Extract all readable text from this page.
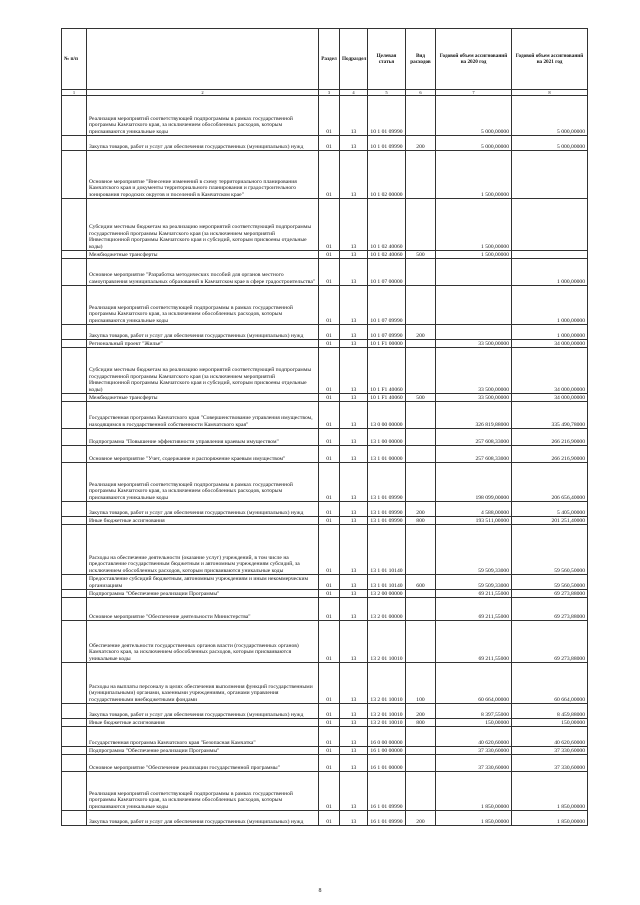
№ п/п		Раздел	Подраздел	Целевая статья	Вид расходов	Годовой объем ассигнований на 2020 год	Годовой объем ассигнований на 2021 год
1	2	3	4	5	6	7	8
	Реализация мероприятий соответствующей подпрограммы в рамках государственной программы Камчатского края, за исключением обособленных расходов, которым присваиваются уникальные коды	01	13	10 1 01 09990		5 000,00000	5 000,00000
	Закупка товаров, работ и услуг для обеспечения государственных (муниципальных) нужд	01	13	10 1 01 09990	200	5 000,00000	5 000,00000
	Основное мероприятие "Внесение изменений в схему территориального планирования Камчатского края и документы территориального планирования и градостроительного зонирования городских округов и поселений в Камчатском крае"	01	13	10 1 02 00000		1 500,00000	
	Субсидии местным бюджетам на реализацию мероприятий соответствующей подпрограммы государственной программы Камчатского края (за исключением мероприятий Инвестиционной программы Камчатского края и субсидий, которым присвоены отдельные коды)	01	13	10 1 02 40060		1 500,00000	
	Межбюджетные трансферты	01	13	10 1 02 40060	500	1 500,00000	
	Основное мероприятие "Разработка методических пособий для органов местного самоуправления муниципальных образований в Камчатском крае в сфере градостроительства"	01	13	10 1 07 00000			1 000,00000
	Реализация мероприятий соответствующей подпрограммы в рамках государственной программы Камчатского края, за исключением обособленных расходов, которым присваиваются уникальные коды	01	13	10 1 07 09990			1 000,00000
	Закупка товаров, работ и услуг для обеспечения государственных (муниципальных) нужд	01	13	10 1 07 09990	200		1 000,00000
	Региональный проект "Жилье"	01	13	10 1 F1 00000		33 500,00000	34 000,00000
	Субсидии местным бюджетам на реализацию мероприятий соответствующей подпрограммы государственной программы Камчатского края (за исключением мероприятий Инвестиционной программы Камчатского края и субсидий, которым присвоены отдельные коды)	01	13	10 1 F1 40060		33 500,00000	34 000,00000
	Межбюджетные трансферты	01	13	10 1 F1 40060	500	33 500,00000	34 000,00000
	Государственная программа Камчатского края "Совершенствование управления имуществом, находящимся в государственной собственности Камчатского края"	01	13	13 0 00 00000		326 819,88000	335 490,78000
	Подпрограмма "Повышение эффективности управления краевым имуществом"	01	13	13 1 00 00000		257 608,33000	266 216,90000
	Основное мероприятие "Учет, содержание и распоряжение краевым имуществом"	01	13	13 1 01 00000		257 608,33000	266 216,90000
	Реализация мероприятий соответствующей подпрограммы в рамках государственной программы Камчатского края, за исключением обособленных расходов, которым присваиваются уникальные коды	01	13	13 1 01 09990		198 099,00000	206 656,40000
	Закупка товаров, работ и услуг для обеспечения государственных (муниципальных) нужд	01	13	13 1 01 09990	200	4 588,00000	5 405,00000
	Иные бюджетные ассигнования	01	13	13 1 01 09990	800	193 511,00000	201 251,40000
	Расходы на обеспечение деятельности (оказание услуг) учреждений, в том числе на предоставление государственным бюджетным и автономным учреждениям субсидий, за исключением обособленных расходов, которым присваиваются уникальные коды	01	13	13 1 01 10140		59 509,33000	59 560,50000
	Предоставление субсидий бюджетным, автономным учреждениям и иным некоммерческим организациям	01	13	13 1 01 10140	600	59 509,33000	59 560,50000
	Подпрограмма "Обеспечение реализации Программы"	01	13	13 2 00 00000		69 211,55000	69 273,88000
	Основное мероприятие "Обеспечение деятельности Министерства"	01	13	13 2 01 00000		69 211,55000	69 273,88000
	Обеспечение деятельности государственных органов власти (государственных органов) Камчатского края, за исключением обособленных расходов, которым присваиваются уникальные коды	01	13	13 2 01 10010		69 211,55000	69 273,88000
	Расходы на выплаты персоналу в целях обеспечения выполнения функций государственными (муниципальными) органами, казенными учреждениями, органами управления государственными внебюджетными фондами	01	13	13 2 01 10010	100	60 664,00000	60 664,00000
	Закупка товаров, работ и услуг для обеспечения государственных (муниципальных) нужд	01	13	13 2 01 10010	200	8 397,55000	8 459,88000
	Иные бюджетные ассигнования	01	13	13 2 01 10010	800	150,00000	150,00000
	Государственная программа Камчатского края "Безопасная Камчатка"	01	13	16 0 00 00000		40 620,60000	40 620,60000
	Подпрограмма "Обеспечение реализации Программы"	01	13	16 1 00 00000		37 330,60000	37 330,60000
	Основное мероприятие "Обеспечение реализации государственной программы"	01	13	16 1 01 00000		37 330,60000	37 330,60000
	Реализация мероприятий соответствующей подпрограммы в рамках государственной программы Камчатского края, за исключением обособленных расходов, которым присваиваются уникальные коды	01	13	16 1 01 09990		1 850,00000	1 850,00000
	Закупка товаров, работ и услуг для обеспечения государственных (муниципальных) нужд	01	13	16 1 01 09990	200	1 850,00000	1 850,00000
8
